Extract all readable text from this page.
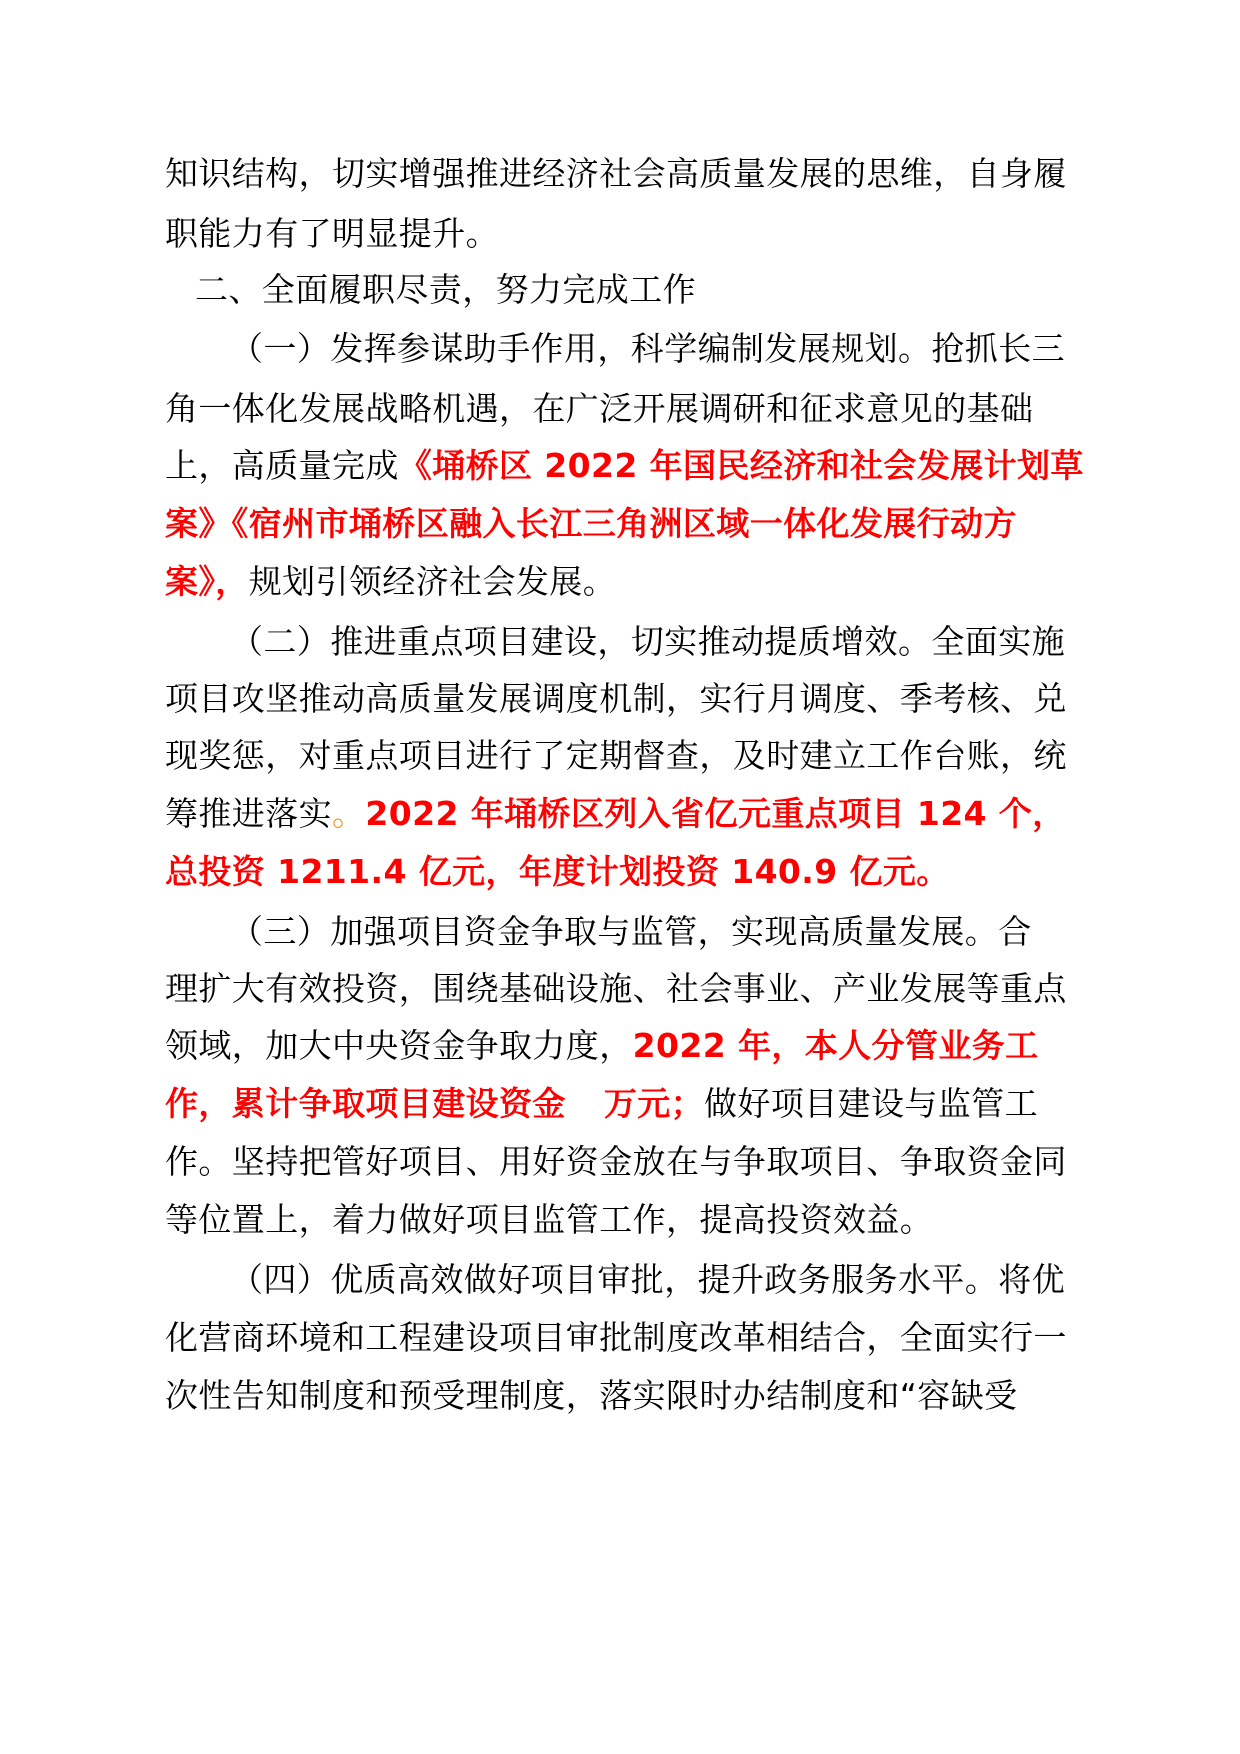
知识结构，切实增强推进经济社会高质量发展的思维，自身履
职能力有了明显提升。
二、全面履职尽责，努力完成工作
（一）发挥参谋助手作用，科学编制发展规划。抢抓长三
角一体化发展战略机遇，在广泛开展调研和征求意见的基础
上，高质量完成《埇桥区 2022 年国民经济和社会发展计划草
案》《宿州市埇桥区融入长江三角洲区域一体化发展行动方
案》，规划引领经济社会发展。
（二）推进重点项目建设，切实推动提质增效。全面实施
项目攻坚推动高质量发展调度机制，实行月调度、季考核、兑
现奖惩，对重点项目进行了定期督查，及时建立工作台账，统
筹推进落实。2022 年埇桥区列入省亿元重点项目 124 个，
总投资 1211.4 亿元，年度计划投资 140.9 亿元。
（三）加强项目资金争取与监管，实现高质量发展。合
理扩大有效投资，围绕基础设施、社会事业、产业发展等重点
领域，加大中央资金争取力度，2022 年，本人分管业务工
作，累计争取项目建设资金 万元；做好项目建设与监管工
作。坚持把管好项目、用好资金放在与争取项目、争取资金同
等位置上，着力做好项目监管工作，提高投资效益。
（四）优质高效做好项目审批，提升政务服务水平。将优
化营商环境和工程建设项目审批制度改革相结合，全面实行一
次性告知制度和预受理制度，落实限时办结制度和“容缺受
